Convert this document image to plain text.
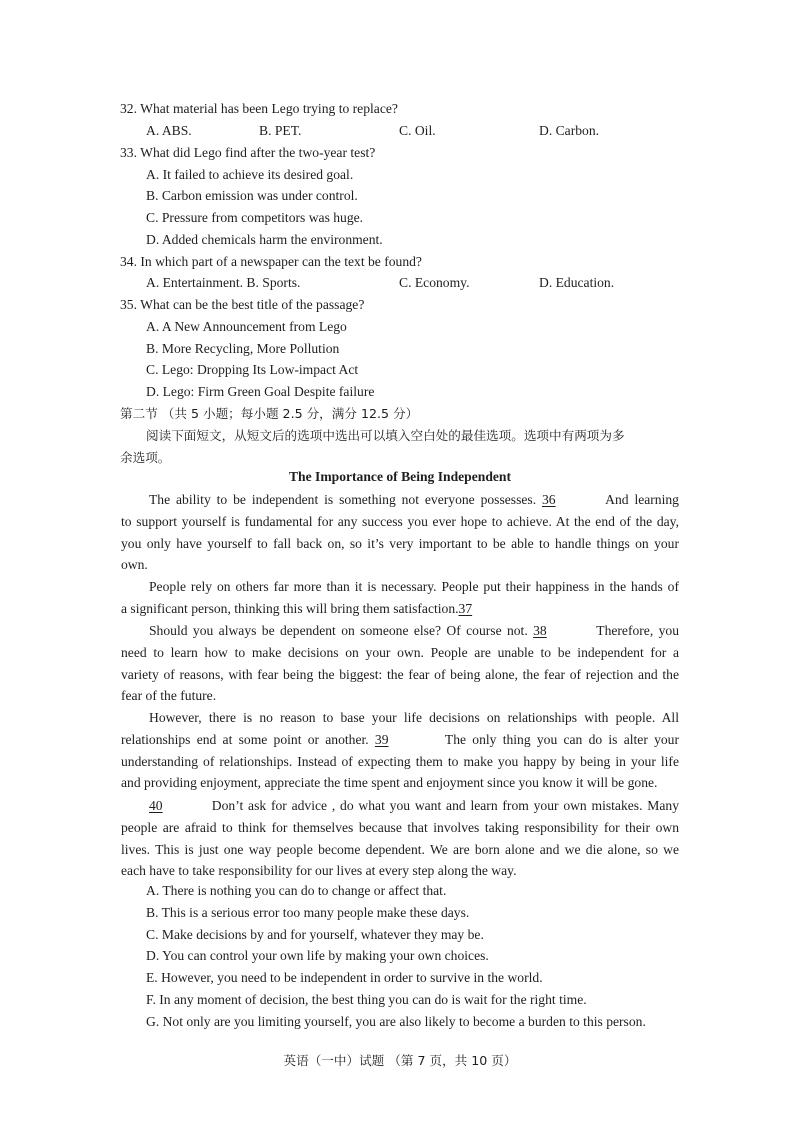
32. What material has been Lego trying to replace?
A. ABS.	B. PET.	C. Oil.	D. Carbon.
33. What did Lego find after the two-year test?
A. It failed to achieve its desired goal.
B. Carbon emission was under control.
C. Pressure from competitors was huge.
D. Added chemicals harm the environment.
34. In which part of a newspaper can the text be found?
A. Entertainment. B. Sports.	C. Economy.	D. Education.
35. What can be the best title of the passage?
A. A New Announcement from Lego
B. More Recycling, More Pollution
C. Lego: Dropping Its Low-impact Act
D. Lego: Firm Green Goal Despite failure
第二节 （共 5 小题；每小题 2.5 分，满分 12.5 分）
阅读下面短文，从短文后的选项中选出可以填入空白处的最佳选项。选项中有两项为多
余选项。
The Importance of Being Independent
The ability to be independent is something not everyone possesses. 36	And learning
to support yourself is fundamental for any success you ever hope to achieve. At the end of the day,
you only have yourself to fall back on, so it’s very important to be able to handle things on your
own.
People rely on others far more than it is necessary. People put their happiness in the hands of
a significant person, thinking this will bring them satisfaction.37
Should you always be dependent on someone else? Of course not. 38	Therefore, you
need to learn how to make decisions on your own. People are unable to be independent for a
variety of reasons, with fear being the biggest: the fear of being alone, the fear of rejection and the
fear of the future.
However, there is no reason to base your life decisions on relationships with people. All
relationships end at some point or another. 39	The only thing you can do is alter your
understanding of relationships. Instead of expecting them to make you happy by being in your life
and providing enjoyment, appreciate the time spent and enjoyment since you know it will be gone.
40	Don’t ask for advice , do what you want and learn from your own mistakes. Many
people are afraid to think for themselves because that involves taking responsibility for their own
lives. This is just one way people become dependent. We are born alone and we die alone, so we
each have to take responsibility for our lives at every step along the way.
A. There is nothing you can do to change or affect that.
B. This is a serious error too many people make these days.
C. Make decisions by and for yourself, whatever they may be.
D. You can control your own life by making your own choices.
E. However, you need to be independent in order to survive in the world.
F. In any moment of decision, the best thing you can do is wait for the right time.
G. Not only are you limiting yourself, you are also likely to become a burden to this person.
英语（一中）试题 （第 7 页，共 10 页）
